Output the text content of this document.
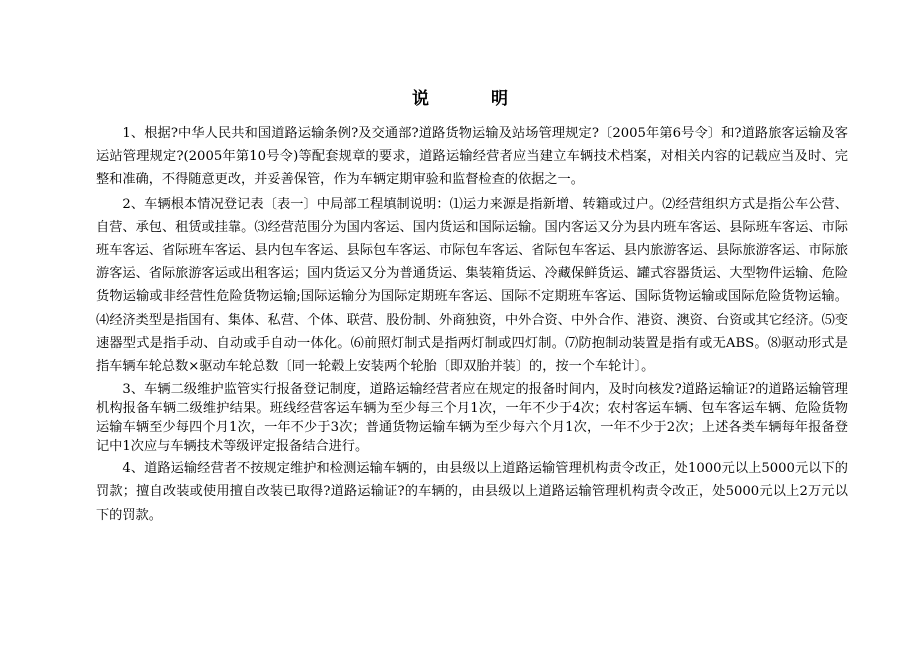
说 明

1、根据?中华人民共和国道路运输条例?及交通部?道路货物运输及站场管理规定?〔2005年第6号令〕和?道路旅客运输及客运站管理规定?(2005年第10号令)等配套规章的要求，道路运输经营者应当建立车辆技术档案，对相关内容的记载应当及时、完整和准确，不得随意更改，并妥善保管，作为车辆定期审验和监督检查的依据之一。

2、车辆根本情况登记表〔表一〕中局部工程填制说明：⑴运力来源是指新增、转籍或过户。⑵经营组织方式是指公车公营、自营、承包、租赁或挂靠。⑶经营范围分为国内客运、国内货运和国际运输。国内客运又分为县内班车客运、县际班车客运、市际班车客运、省际班车客运、县内包车客运、县际包车客运、市际包车客运、省际包车客运、县内旅游客运、县际旅游客运、市际旅游客运、省际旅游客运或出租客运；国内货运又分为普通货运、集装箱货运、冷藏保鲜货运、罐式容器货运、大型物件运输、危险货物运输或非经营性危险货物运输;国际运输分为国际定期班车客运、国际不定期班车客运、国际货物运输或国际危险货物运输。⑷经济类型是指国有、集体、私营、个体、联营、股份制、外商独资，中外合资、中外合作、港资、澳资、台资或其它经济。⑸变速器型式是指手动、自动或手自动一体化。⑹前照灯制式是指两灯制或四灯制。⑺防抱制动装置是指有或无ABS。⑻驱动形式是指车辆车轮总数×驱动车轮总数〔同一轮毂上安装两个轮胎〔即双胎并装〕的，按一个车轮计〕。

3、车辆二级维护监管实行报备登记制度，道路运输经营者应在规定的报备时间内，及时向核发?道路运输证?的道路运输管理机构报备车辆二级维护结果。班线经营客运车辆为至少每三个月1次，一年不少于4次；农村客运车辆、包车客运车辆、危险货物运输车辆至少每四个月1次，一年不少于3次；普通货物运输车辆为至少每六个月1次，一年不少于2次；上述各类车辆每年报备登记中1次应与车辆技术等级评定报备结合进行。

4、道路运输经营者不按规定维护和检测运输车辆的，由县级以上道路运输管理机构责令改正，处1000元以上5000元以下的罚款；擅自改装或使用擅自改装已取得?道路运输证?的车辆的，由县级以上道路运输管理机构责令改正，处5000元以上2万元以下的罚款。
